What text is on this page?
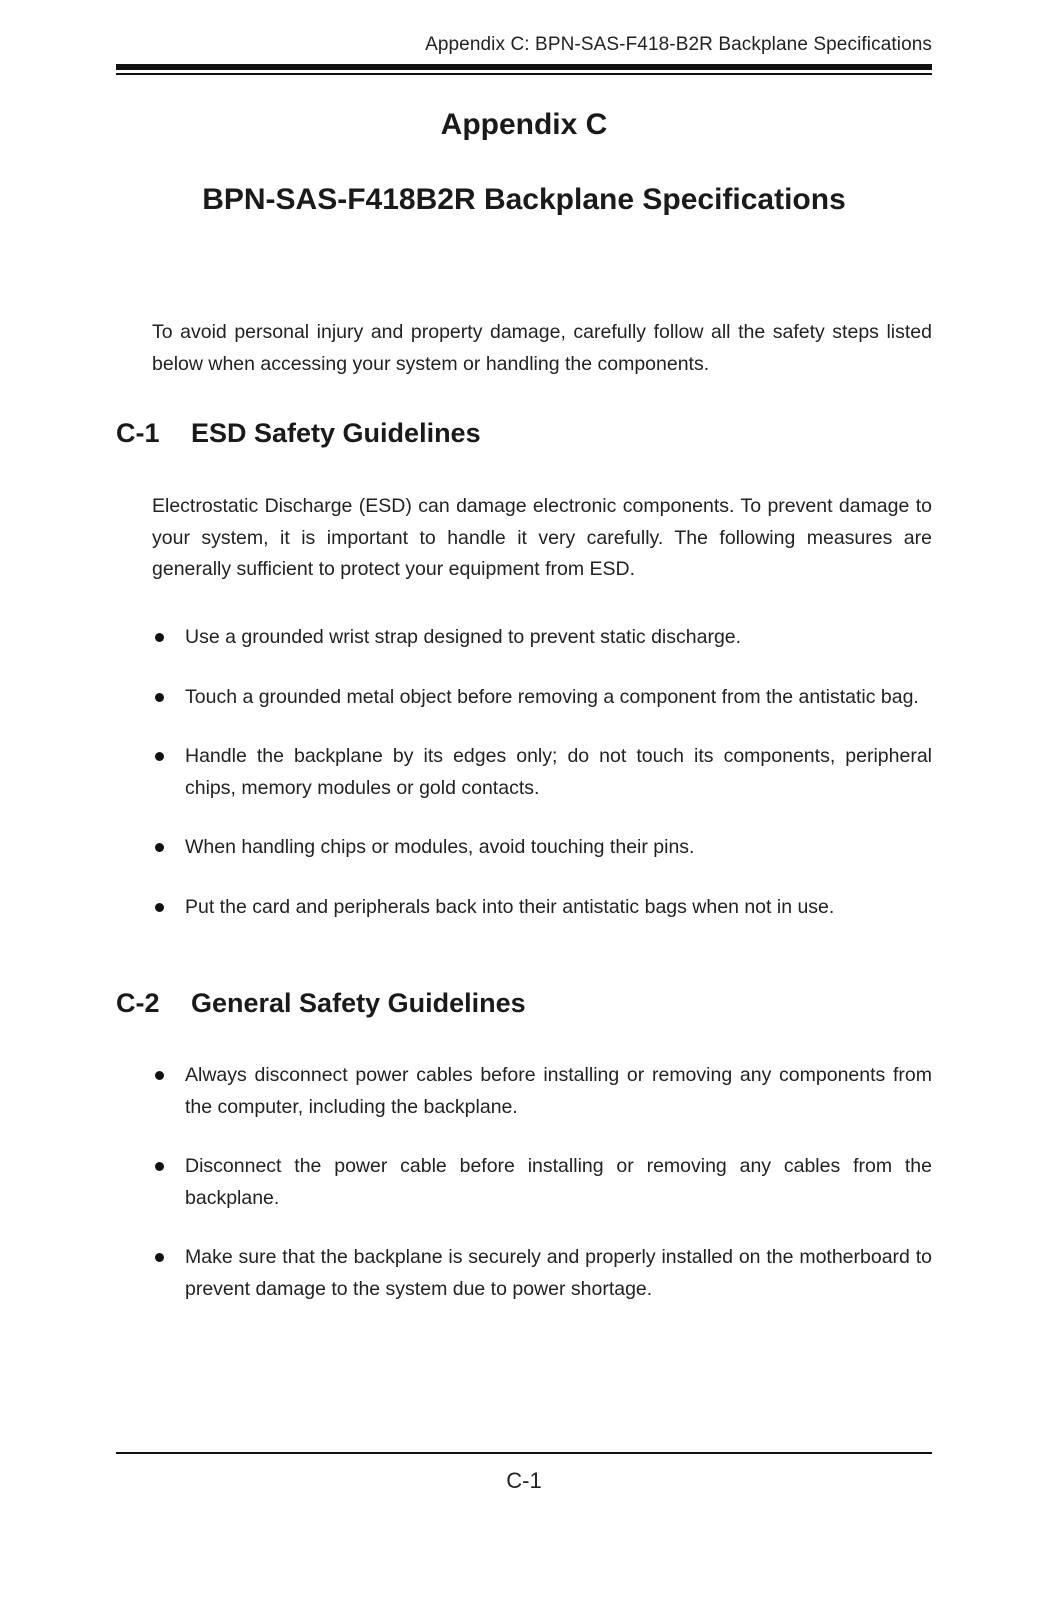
Appendix C: BPN-SAS-F418-B2R Backplane Specifications
Appendix C
BPN-SAS-F418B2R Backplane Specifications

To avoid personal injury and property damage, carefully follow all the safety steps listed below when accessing your system or handling the components.

C-1 ESD Safety Guidelines

Electrostatic Discharge (ESD) can damage electronic components. To prevent damage to your system, it is important to handle it very carefully. The following measures are generally sufficient to protect your equipment from ESD.

Use a grounded wrist strap designed to prevent static discharge.
Touch a grounded metal object before removing a component from the antistatic bag.
Handle the backplane by its edges only; do not touch its components, peripheral chips, memory modules or gold contacts.
When handling chips or modules, avoid touching their pins.
Put the card and peripherals back into their antistatic bags when not in use.
C-2 General Safety Guidelines
Always disconnect power cables before installing or removing any components from the computer, including the backplane.
Disconnect the power cable before installing or removing any cables from the backplane.
Make sure that the backplane is securely and properly installed on the motherboard to prevent damage to the system due to power shortage.
C-1
